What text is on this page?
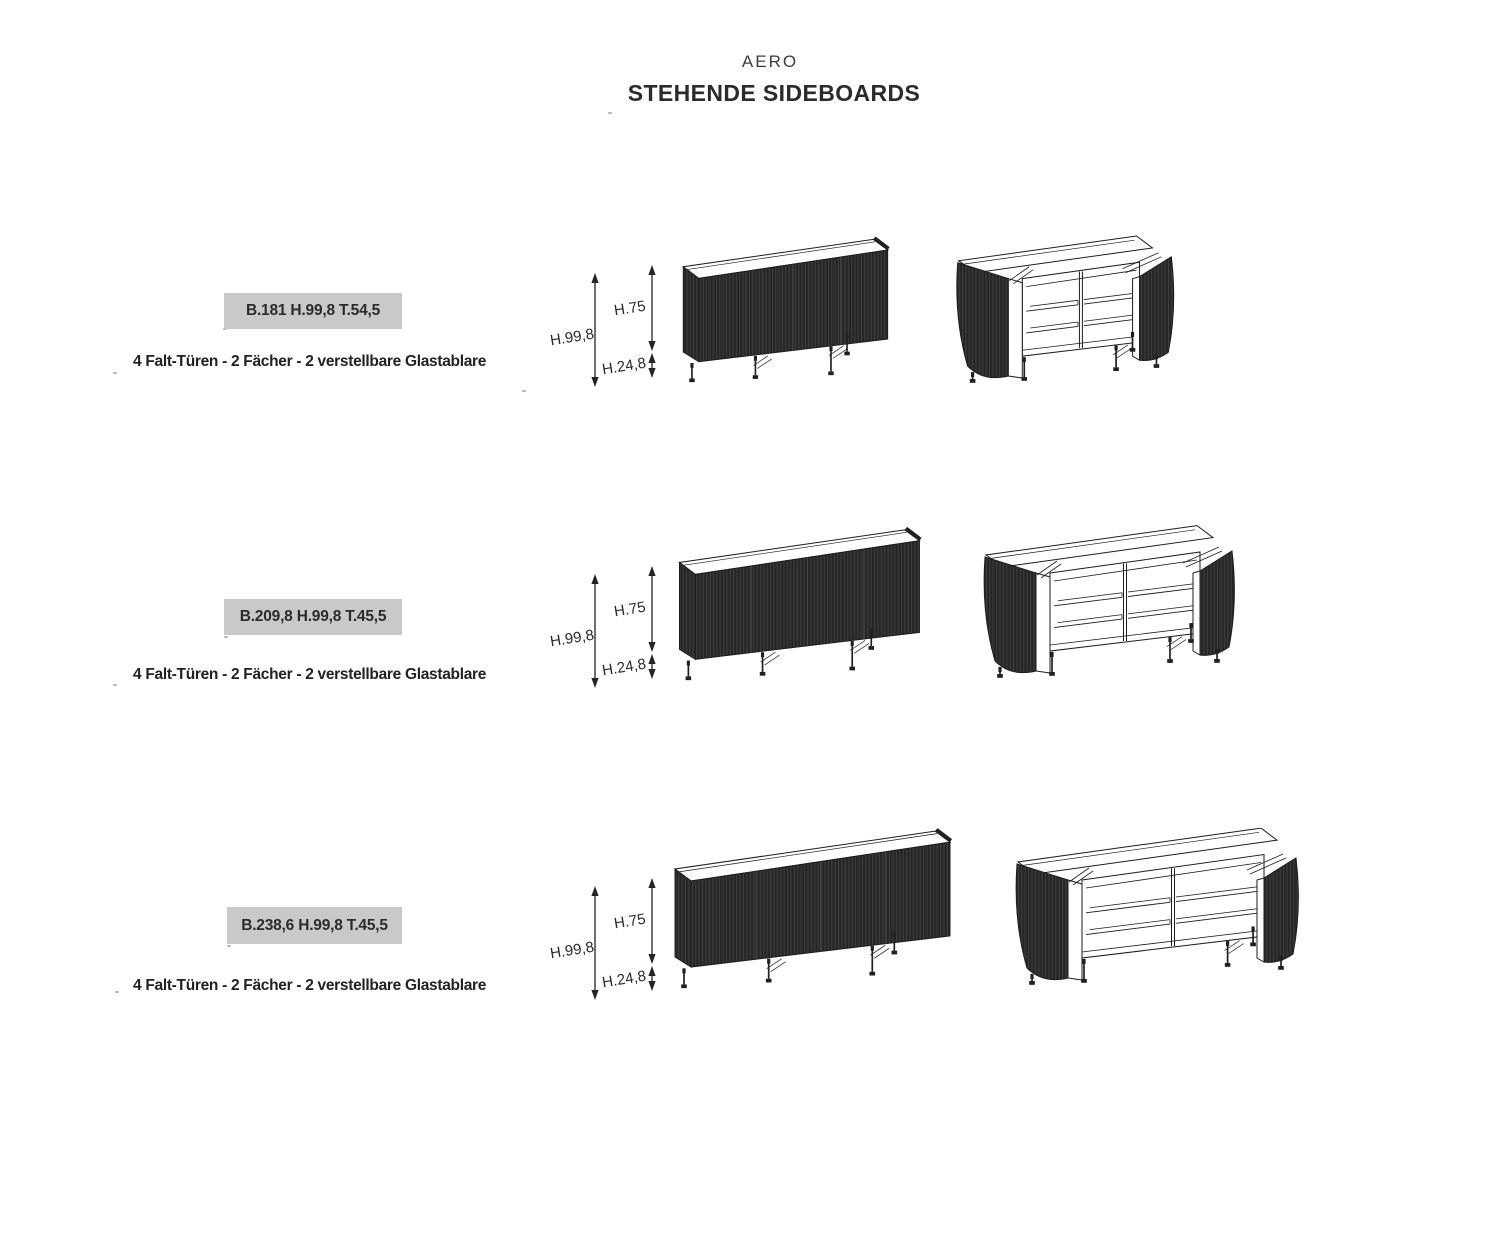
AERO
STEHENDE SIDEBOARDS
B.181 H.99,8 T.54,5
4 Falt-Türen - 2 Fächer - 2 verstellbare Glastablare
H.99,8
H.75
H.24,8
B.209,8 H.99,8 T.45,5
4 Falt-Türen - 2 Fächer - 2 verstellbare Glastablare
H.99,8
H.75
H.24,8
B.238,6 H.99,8 T.45,5
4 Falt-Türen - 2 Fächer - 2 verstellbare Glastablare
H.99,8
H.75
H.24,8
